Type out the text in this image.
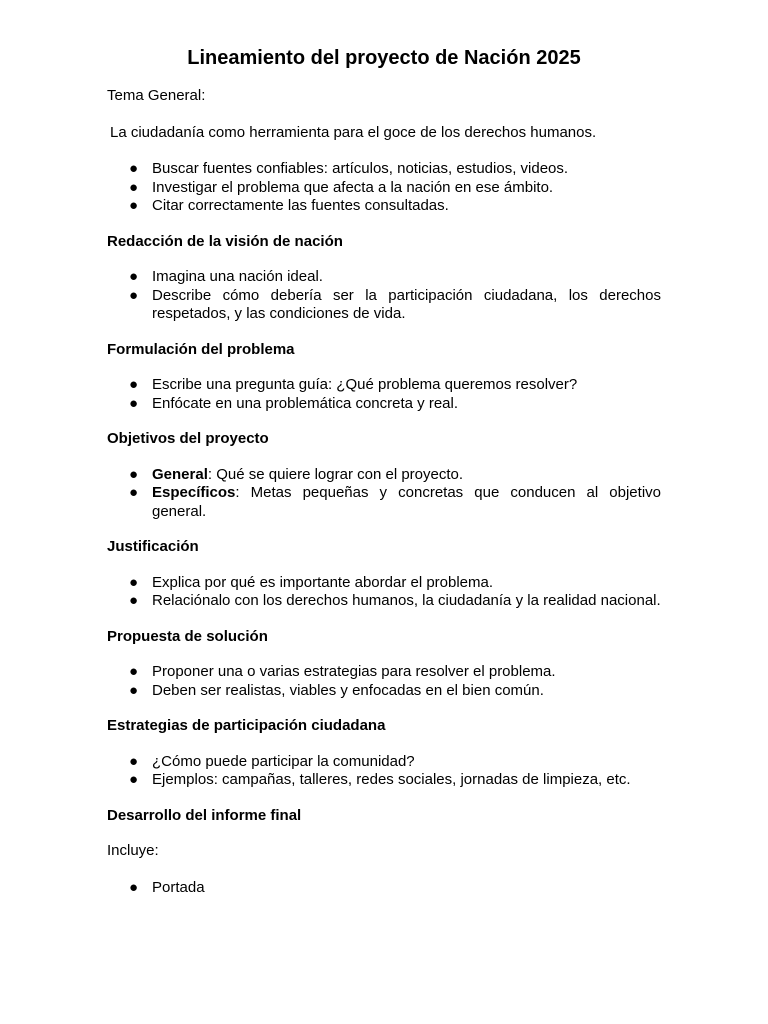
Lineamiento del proyecto de Nación 2025
Tema General:
La ciudadanía como herramienta para el goce de los derechos humanos.
● Buscar fuentes confiables: artículos, noticias, estudios, videos.
● Investigar el problema que afecta a la nación en ese ámbito.
● Citar correctamente las fuentes consultadas.
Redacción de la visión de nación
● Imagina una nación ideal.
● Describe cómo debería ser la participación ciudadana, los derechos respetados, y las condiciones de vida.
Formulación del problema
● Escribe una pregunta guía: ¿Qué problema queremos resolver?
● Enfócate en una problemática concreta y real.
Objetivos del proyecto
● General: Qué se quiere lograr con el proyecto.
● Específicos: Metas pequeñas y concretas que conducen al objetivo general.
Justificación
● Explica por qué es importante abordar el problema.
● Relaciónalo con los derechos humanos, la ciudadanía y la realidad nacional.
Propuesta de solución
● Proponer una o varias estrategias para resolver el problema.
● Deben ser realistas, viables y enfocadas en el bien común.
Estrategias de participación ciudadana
● ¿Cómo puede participar la comunidad?
● Ejemplos: campañas, talleres, redes sociales, jornadas de limpieza, etc.
Desarrollo del informe final
Incluye:
● Portada
